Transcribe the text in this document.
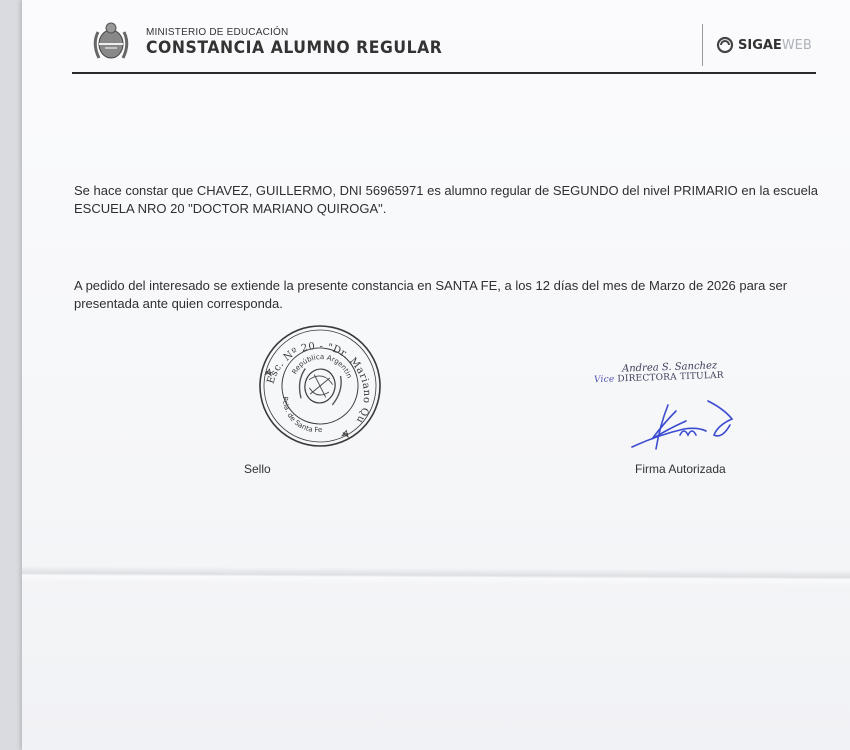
MINISTERIO DE EDUCACIÓN
CONSTANCIA ALUMNO REGULAR	SIGAE WEB
Se hace constar que CHAVEZ, GUILLERMO, DNI 56965971 es alumno regular de SEGUNDO del nivel PRIMARIO en la escuela ESCUELA NRO 20 "DOCTOR MARIANO QUIROGA".
A pedido del interesado se extiende la presente constancia en SANTA FE, a los 12 días del mes de Marzo de 2026 para ser presentada ante quien corresponda.
Esc. Nº 20 - "Dr. Mariano Quiroga"
República Argentina
Pcia. de Santa Fe
Sello
Andrea S. Sanchez
Vice DIRECTORA TITULAR
Firma Autorizada
